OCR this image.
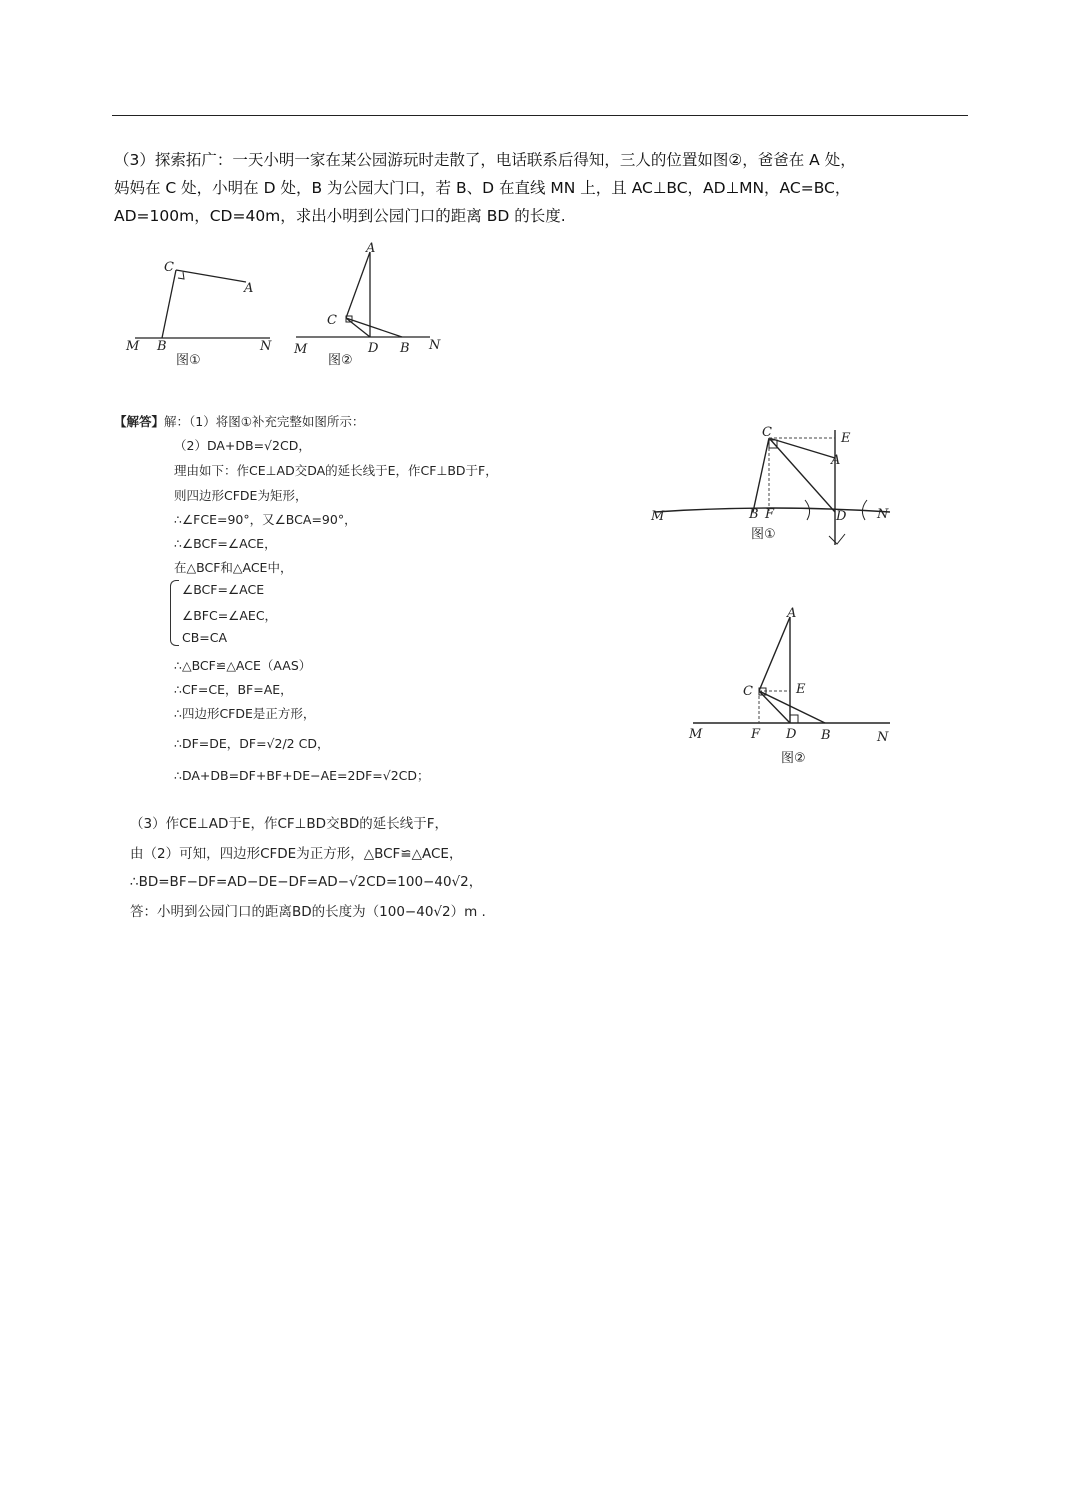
（3）探索拓广：一天小明一家在某公园游玩时走散了，电话联系后得知，三人的位置如图②，爸爸在 A 处，

妈妈在 C 处，小明在 D 处，B 为公园大门口，若 B、D 在直线 MN 上，且 AC⊥BC，AD⊥MN，AC=BC，

AD=100m，CD=40m，求出小明到公园门口的距离 BD 的长度.

C
A
M B	N
图①
A
C
M	D B N
图②
【解答】解：（1）将图①补充完整如图所示：
（2）DA+DB=√2CD，
理由如下：作CE⊥AD交DA的延长线于E，作CF⊥BD于F，
则四边形CFDE为矩形，
∴∠FCE=90°，又∠BCA=90°，
∴∠BCF=∠ACE，
在△BCF和△ACE中，
∠BCF=∠ACE
∠BFC=∠AEC，
CB=CA
∴△BCF≌△ACE（AAS）
∴CF=CE，BF=AE，
∴四边形CFDE是正方形，
∴DF=DE，DF=√2/2 CD，
∴DA+DB=DF+BF+DE−AE=2DF=√2CD；
C	E
A
M	B F	D N
图①
A
C	E
M	F D B	N
图②
（3）作CE⊥AD于E，作CF⊥BD交BD的延长线于F，
由（2）可知，四边形CFDE为正方形，△BCF≌△ACE，
∴BD=BF−DF=AD−DE−DF=AD−√2CD=100−40√2，
答：小明到公园门口的距离BD的长度为（100−40√2）m .
